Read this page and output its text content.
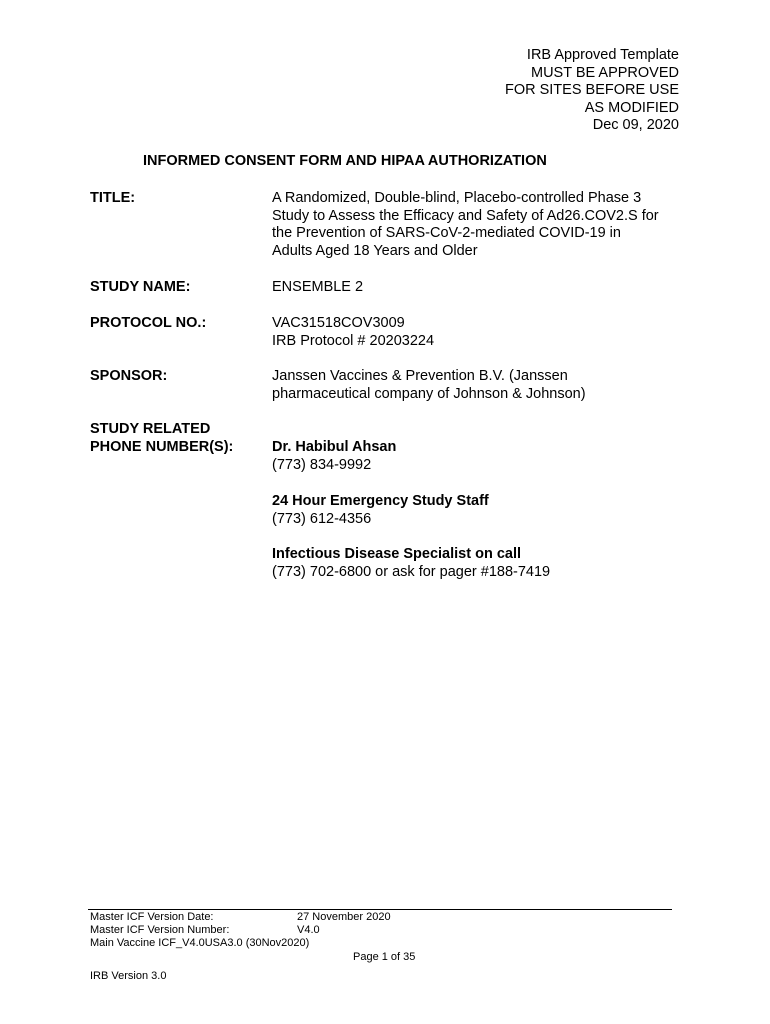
IRB Approved Template
MUST BE APPROVED
FOR SITES BEFORE USE
AS MODIFIED
Dec 09, 2020
INFORMED CONSENT FORM AND HIPAA AUTHORIZATION
TITLE:	A Randomized, Double-blind, Placebo-controlled Phase 3
Study to Assess the Efficacy and Safety of Ad26.COV2.S for
the Prevention of SARS-CoV-2-mediated COVID-19 in
Adults Aged 18 Years and Older
STUDY NAME:	ENSEMBLE 2
PROTOCOL NO.:	VAC31518COV3009
IRB Protocol # 20203224
SPONSOR:	Janssen Vaccines & Prevention B.V. (Janssen
pharmaceutical company of Johnson & Johnson)
STUDY RELATED
PHONE NUMBER(S):	Dr. Habibul Ahsan
(773) 834-9992
24 Hour Emergency Study Staff
(773) 612-4356
Infectious Disease Specialist on call
(773) 702-6800 or ask for pager #188-7419
Master ICF Version Date:	27 November 2020
Master ICF Version Number:	V4.0
Main Vaccine ICF_V4.0USA3.0 (30Nov2020)
Page 1 of 35
IRB Version 3.0
